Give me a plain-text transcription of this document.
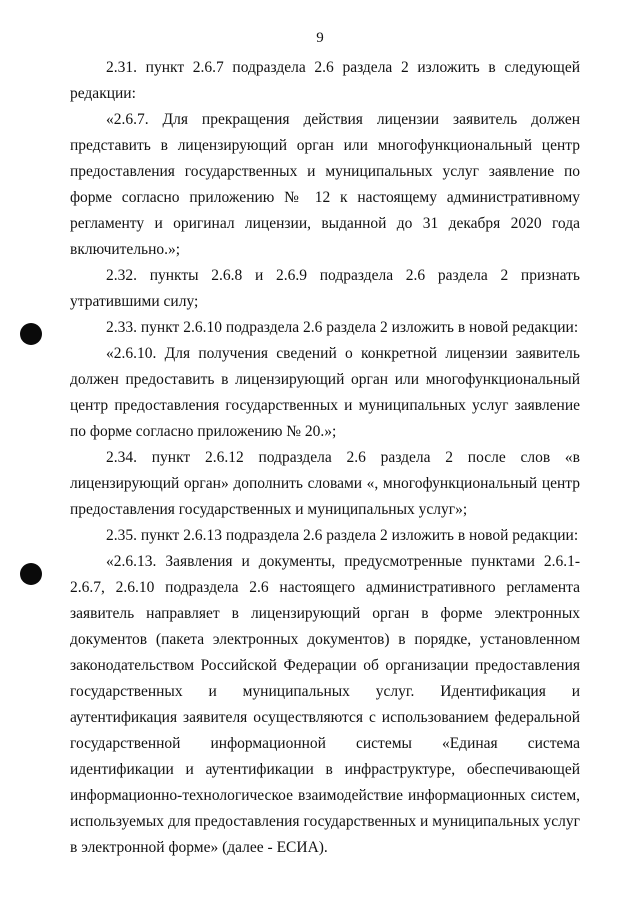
9

2.31. пункт 2.6.7 подраздела 2.6 раздела 2 изложить в следующей редакции:

«2.6.7. Для прекращения действия лицензии заявитель должен представить в лицензирующий орган или многофункциональный центр предоставления государственных и муниципальных услуг заявление по форме согласно приложению № 12 к настоящему административному регламенту и оригинал лицензии, выданной до 31 декабря 2020 года включительно.»;

2.32. пункты 2.6.8 и 2.6.9 подраздела 2.6 раздела 2 признать утратившими силу;

2.33. пункт 2.6.10 подраздела 2.6 раздела 2 изложить в новой редакции:

«2.6.10. Для получения сведений о конкретной лицензии заявитель должен предоставить в лицензирующий орган или многофункциональный центр предоставления государственных и муниципальных услуг заявление по форме согласно приложению № 20.»;

2.34. пункт 2.6.12 подраздела 2.6 раздела 2 после слов «в лицензирующий орган» дополнить словами «, многофункциональный центр предоставления государственных и муниципальных услуг»;

2.35. пункт 2.6.13 подраздела 2.6 раздела 2 изложить в новой редакции:

«2.6.13. Заявления и документы, предусмотренные пунктами 2.6.1-2.6.7, 2.6.10 подраздела 2.6 настоящего административного регламента заявитель направляет в лицензирующий орган в форме электронных документов (пакета электронных документов) в порядке, установленном законодательством Российской Федерации об организации предоставления государственных и муниципальных услуг. Идентификация и аутентификация заявителя осуществляются с использованием федеральной государственной информационной системы «Единая система идентификации и аутентификации в инфраструктуре, обеспечивающей информационно-технологическое взаимодействие информационных систем, используемых для предоставления государственных и муниципальных услуг в электронной форме» (далее - ЕСИА).
